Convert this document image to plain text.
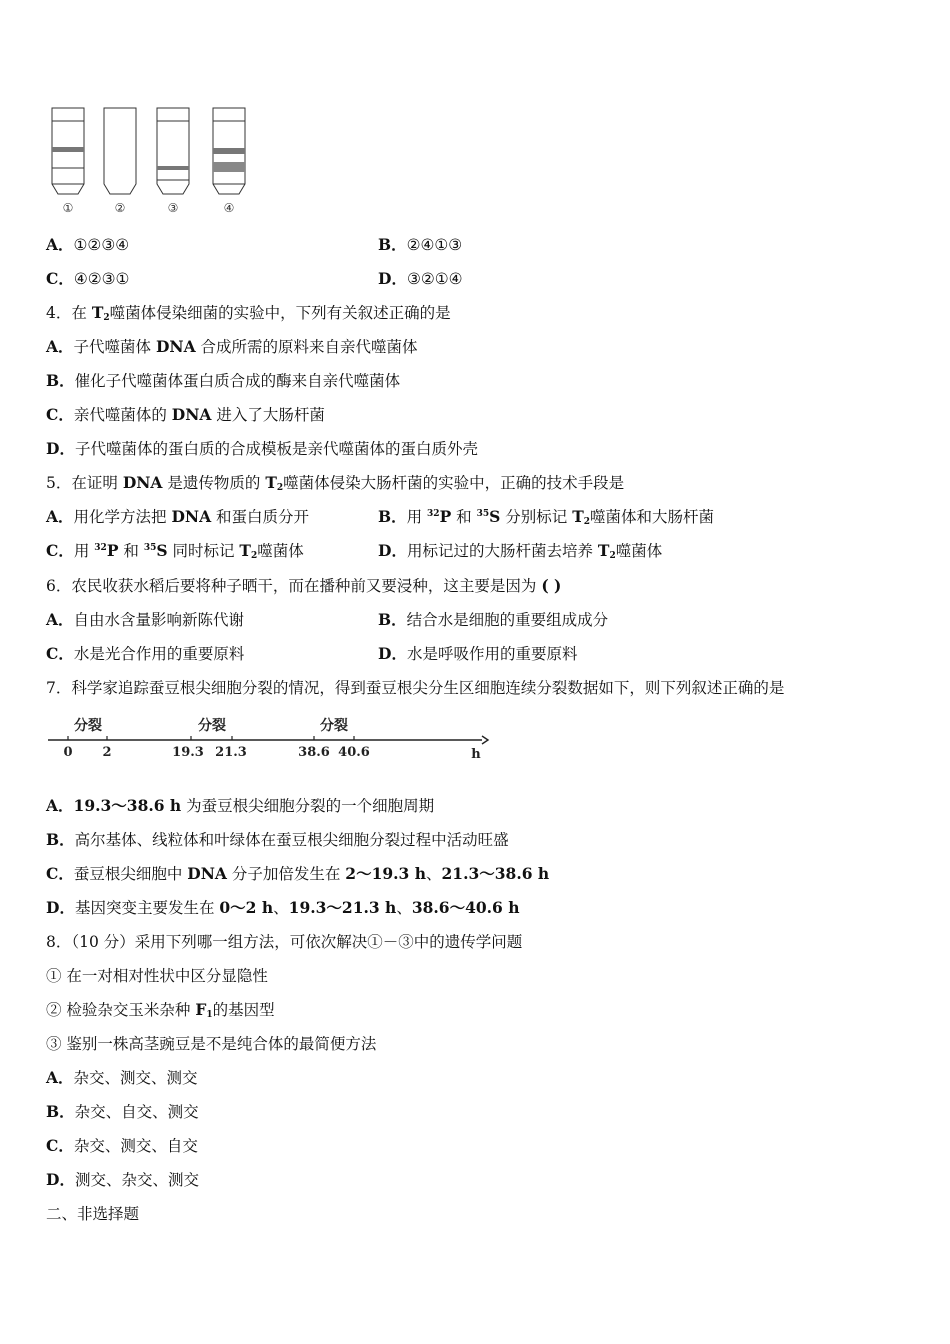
①	②	③	④
A．①②③④	B．②④①③
C．④②③①	D．③②①④
4．在 $T_2$噬菌体侵染细菌的实验中，下列有关叙述正确的是
A．子代噬菌体 DNA 合成所需的原料来自亲代噬菌体
B．催化子代噬菌体蛋白质合成的酶来自亲代噬菌体
C．亲代噬菌体的 DNA 进入了大肠杆菌
D．子代噬菌体的蛋白质的合成模板是亲代噬菌体的蛋白质外壳
5．在证明 DNA 是遗传物质的 $T_2$噬菌体侵染大肠杆菌的实验中，正确的技术手段是
A．用化学方法把 DNA 和蛋白质分开	B．用 $^{32}$P 和 $^{35}$S 分别标记 $T_2$噬菌体和大肠杆菌
C．用 $^{32}$P 和 $^{35}$S 同时标记 $T_2$噬菌体	D．用标记过的大肠杆菌去培养 $T_2$噬菌体
6．农民收获水稻后要将种子晒干，而在播种前又要浸种，这主要是因为 ( )
A．自由水含量影响新陈代谢	B．结合水是细胞的重要组成成分
C．水是光合作用的重要原料	D．水是呼吸作用的重要原料
7．科学家追踪蚕豆根尖细胞分裂的情况，得到蚕豆根尖分生区细胞连续分裂数据如下，则下列叙述正确的是
分裂	分裂	分裂
0 2	19.3 21.3	38.6 40.6	h
A．19.3～38.6 h 为蚕豆根尖细胞分裂的一个细胞周期
B．高尔基体、线粒体和叶绿体在蚕豆根尖细胞分裂过程中活动旺盛
C．蚕豆根尖细胞中 DNA 分子加倍发生在 2～19.3 h、21.3～38.6 h
D．基因突变主要发生在 0～2 h、19.3～21.3 h、38.6～40.6 h
8．（10 分）采用下列哪一组方法，可依次解决①－③中的遗传学问题
① 在一对相对性状中区分显隐性
② 检验杂交玉米杂种 $F_1$的基因型
③ 鉴别一株高茎豌豆是不是纯合体的最简便方法
A．杂交、测交、测交
B．杂交、自交、测交
C．杂交、测交、自交
D．测交、杂交、测交
二、非选择题
